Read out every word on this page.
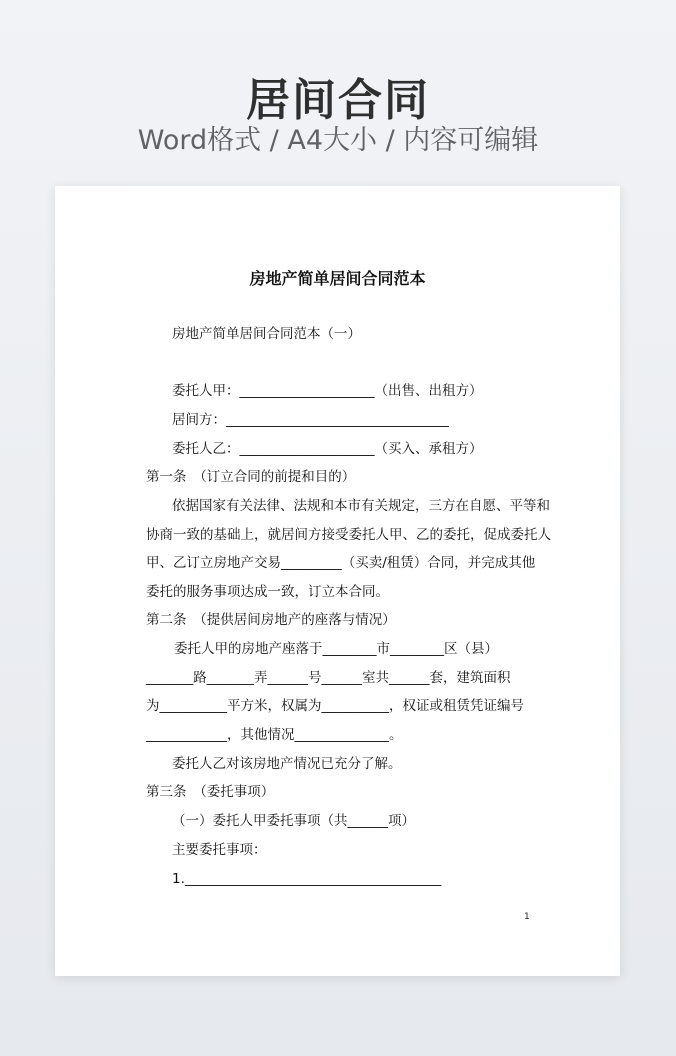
居间合同
Word格式 / A4大小 / 内容可编辑
房地产简单居间合同范本
房地产简单居间合同范本（一）
委托人甲：____________________（出售、出租方）
居间方：_________________________________
委托人乙：____________________（买入、承租方）
第一条　（订立合同的前提和目的）
依据国家有关法律、法规和本市有关规定，三方在自愿、平等和
协商一致的基础上，就居间方接受委托人甲、乙的委托，促成委托人
甲、乙订立房地产交易_________（买卖/租赁）合同，并完成其他
委托的服务事项达成一致，订立本合同。
第二条　（提供居间房地产的座落与情况）
委托人甲的房地产座落于________市________区（县）
_______路_______弄______号______室共______套，建筑面积
为__________平方米，权属为__________，权证或租赁凭证编号
____________，其他情况______________。
委托人乙对该房地产情况已充分了解。
第三条　（委托事项）
（一）委托人甲委托事项（共______项）
主要委托事项：
1.______________________________________
1
